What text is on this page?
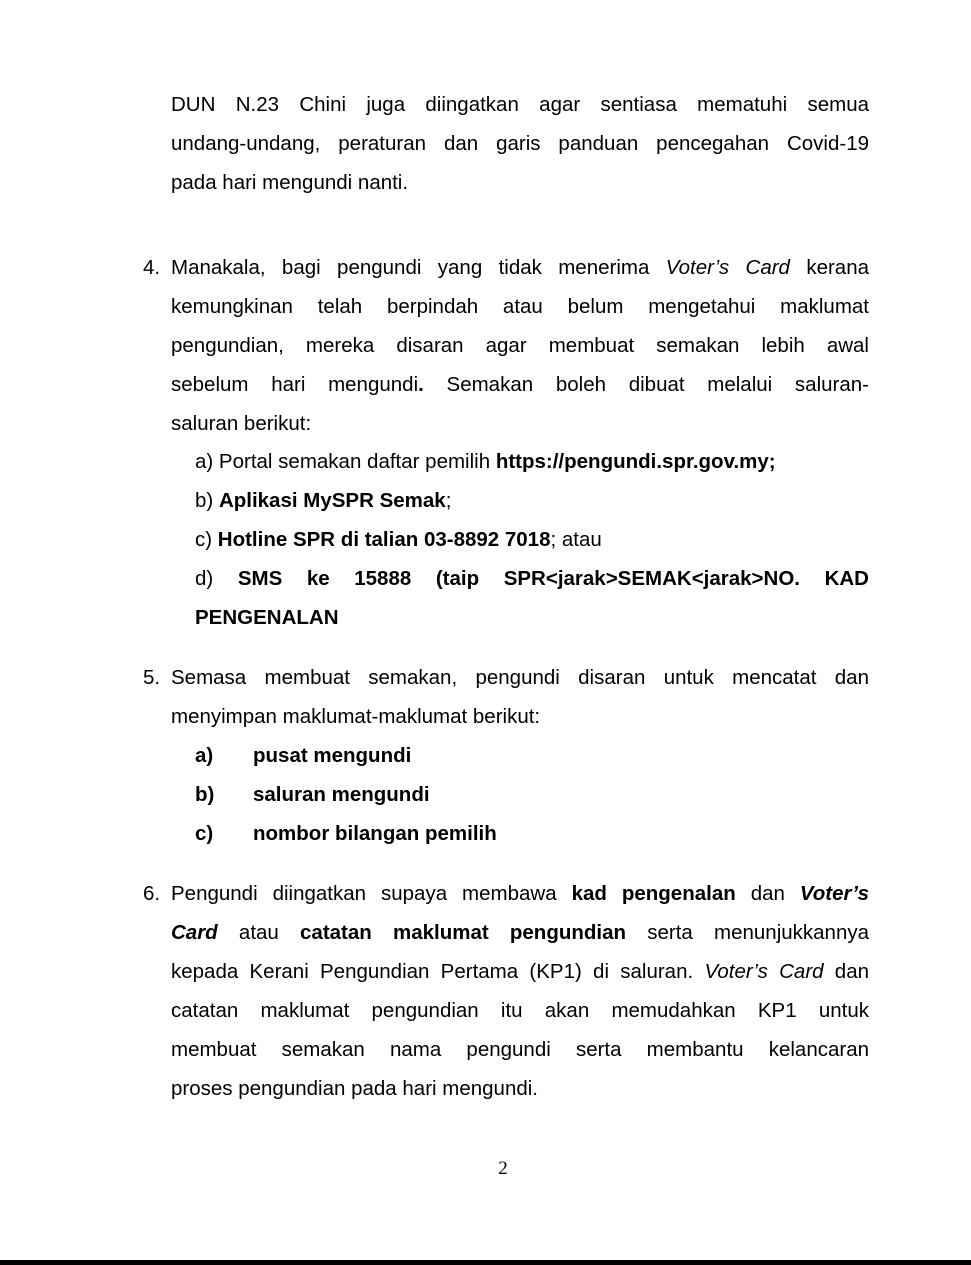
DUN N.23 Chini juga diingatkan agar sentiasa mematuhi semua
undang-undang, peraturan dan garis panduan pencegahan Covid-19
pada hari mengundi nanti.
4. Manakala, bagi pengundi yang tidak menerima Voter’s Card kerana
kemungkinan telah berpindah atau belum mengetahui maklumat
pengundian, mereka disaran agar membuat semakan lebih awal
sebelum hari mengundi. Semakan boleh dibuat melalui saluran-
saluran berikut:
a) Portal semakan daftar pemilih https://pengundi.spr.gov.my;
b) Aplikasi MySPR Semak;
c) Hotline SPR di talian 03-8892 7018; atau
d) SMS ke 15888 (taip SPR<jarak>SEMAK<jarak>NO. KAD
PENGENALAN
5. Semasa membuat semakan, pengundi disaran untuk mencatat dan
menyimpan maklumat-maklumat berikut:
a) pusat mengundi
b) saluran mengundi
c) nombor bilangan pemilih
6. Pengundi diingatkan supaya membawa kad pengenalan dan Voter’s
Card atau catatan maklumat pengundian serta menunjukkannya
kepada Kerani Pengundian Pertama (KP1) di saluran. Voter’s Card dan
catatan maklumat pengundian itu akan memudahkan KP1 untuk
membuat semakan nama pengundi serta membantu kelancaran
proses pengundian pada hari mengundi.
2
